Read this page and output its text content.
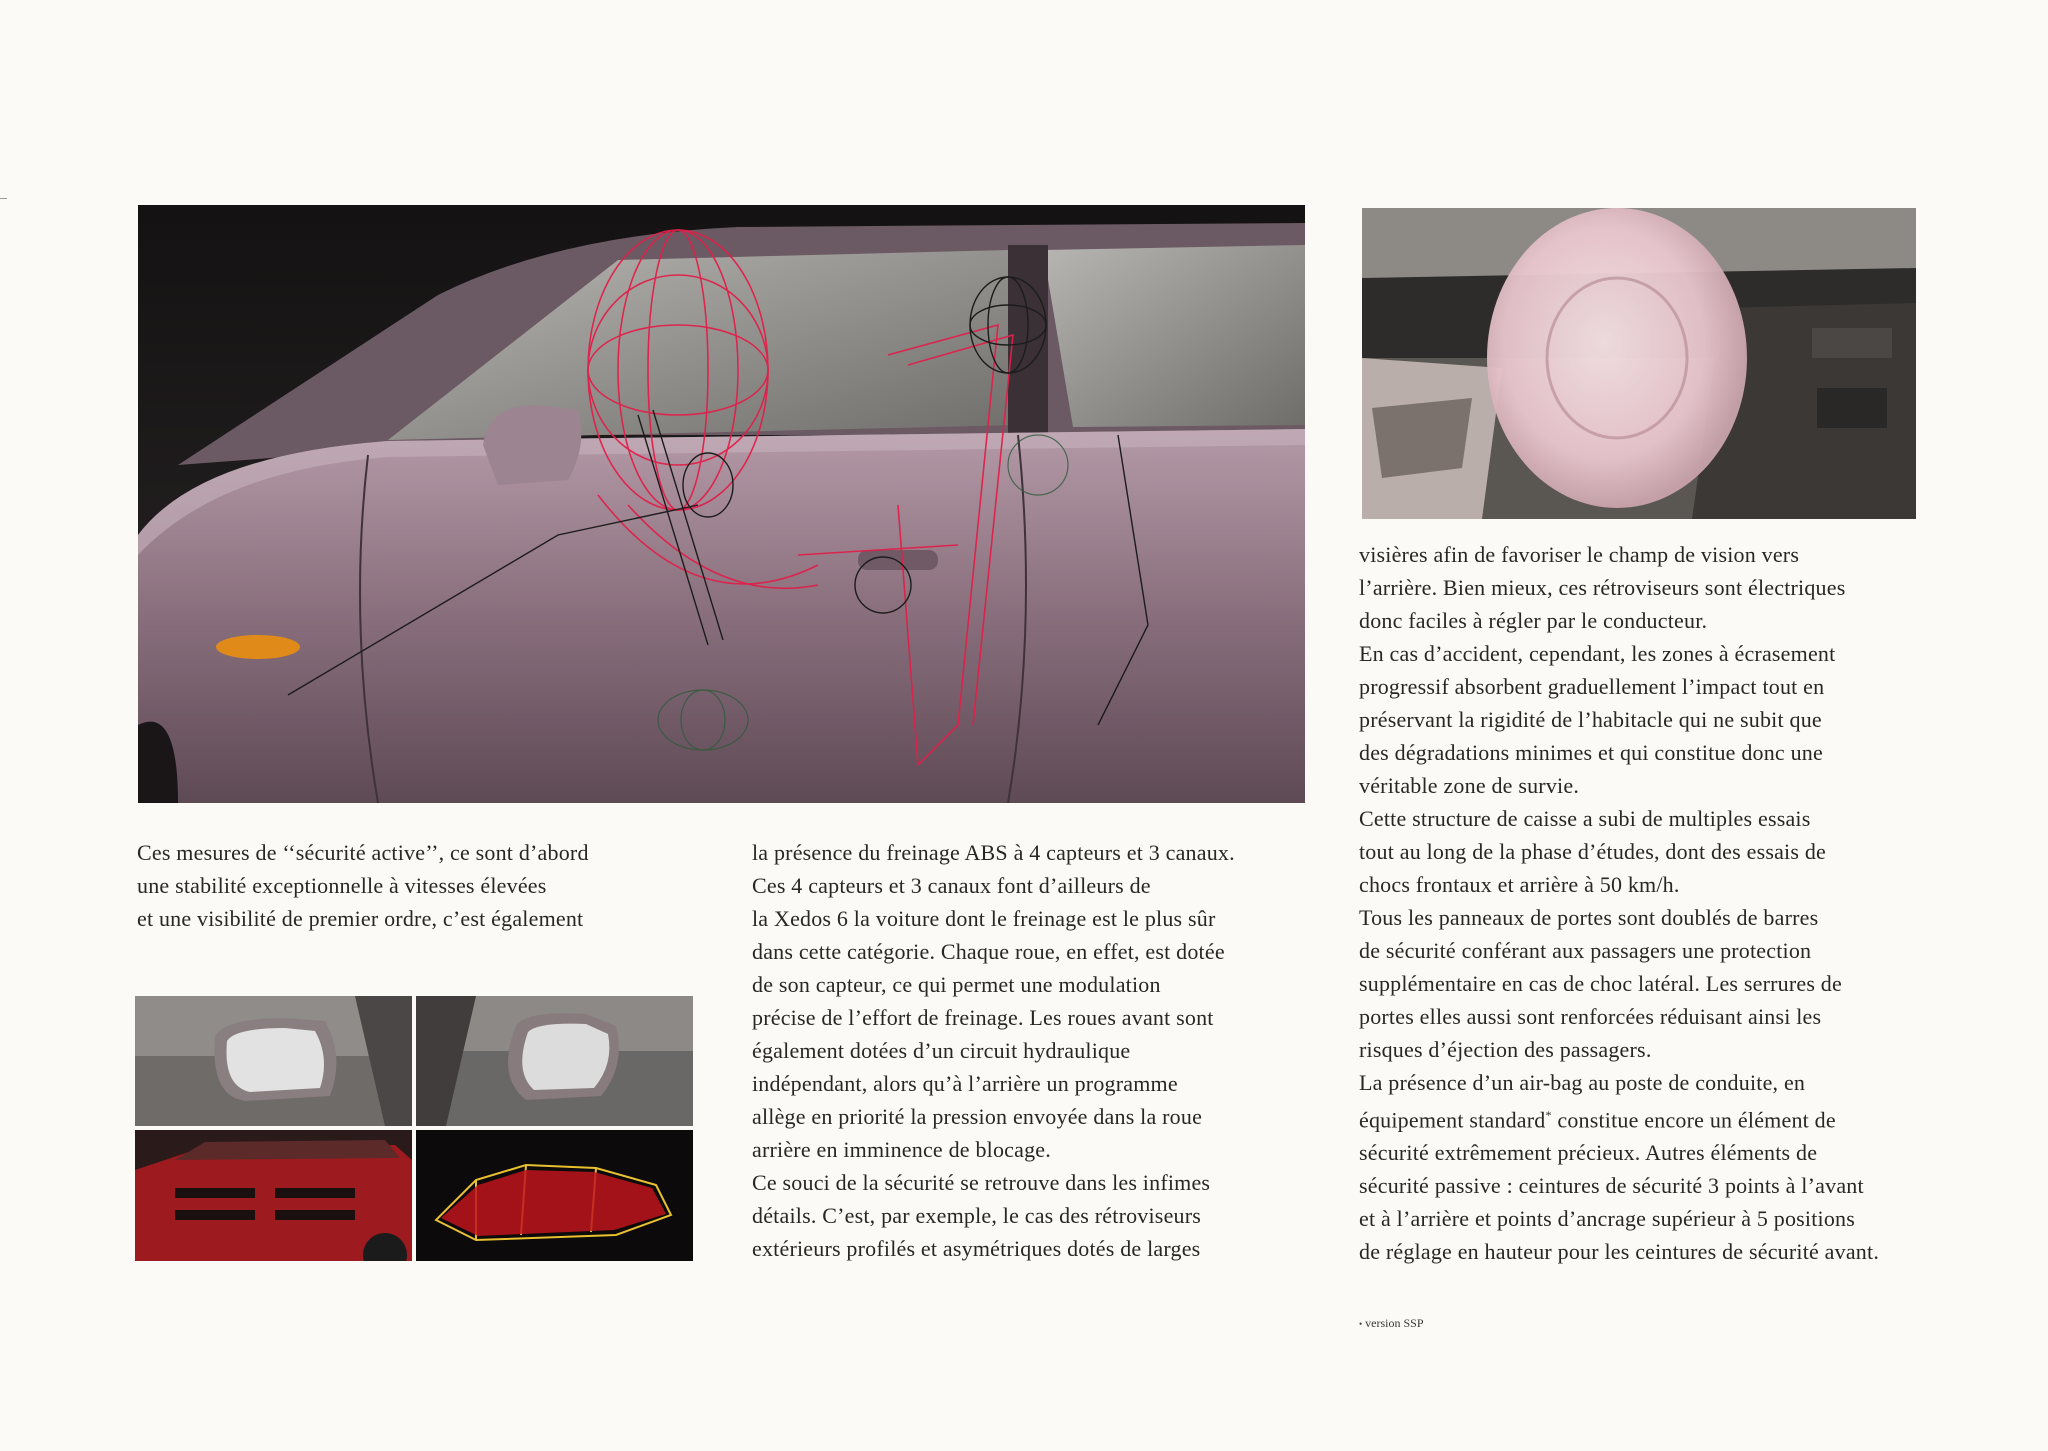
Ces mesures de ‘‘sécurité active’’, ce sont d’abord
une stabilité exceptionnelle à vitesses élevées
et une visibilité de premier ordre, c’est également

la présence du freinage ABS à 4 capteurs et 3 canaux.
Ces 4 capteurs et 3 canaux font d’ailleurs de
la Xedos 6 la voiture dont le freinage est le plus sûr
dans cette catégorie. Chaque roue, en effet, est dotée
de son capteur, ce qui permet une modulation
précise de l’effort de freinage. Les roues avant sont
également dotées d’un circuit hydraulique
indépendant, alors qu’à l’arrière un programme
allège en priorité la pression envoyée dans la roue
arrière en imminence de blocage.

Ce souci de la sécurité se retrouve dans les infimes
détails. C’est, par exemple, le cas des rétroviseurs
extérieurs profilés et asymétriques dotés de larges

visières afin de favoriser le champ de vision vers
l’arrière. Bien mieux, ces rétroviseurs sont électriques
donc faciles à régler par le conducteur.

En cas d’accident, cependant, les zones à écrasement
progressif absorbent graduellement l’impact tout en
préservant la rigidité de l’habitacle qui ne subit que
des dégradations minimes et qui constitue donc une
véritable zone de survie.

Cette structure de caisse a subi de multiples essais
tout au long de la phase d’études, dont des essais de
chocs frontaux et arrière à 50 km/h.

Tous les panneaux de portes sont doublés de barres
de sécurité conférant aux passagers une protection
supplémentaire en cas de choc latéral. Les serrures de
portes elles aussi sont renforcées réduisant ainsi les
risques d’éjection des passagers.

La présence d’un air-bag au poste de conduite, en
équipement standard* constitue encore un élément de
sécurité extrêmement précieux. Autres éléments de
sécurité passive : ceintures de sécurité 3 points à l’avant
et à l’arrière et points d’ancrage supérieur à 5 positions
de réglage en hauteur pour les ceintures de sécurité avant.

• version SSP
